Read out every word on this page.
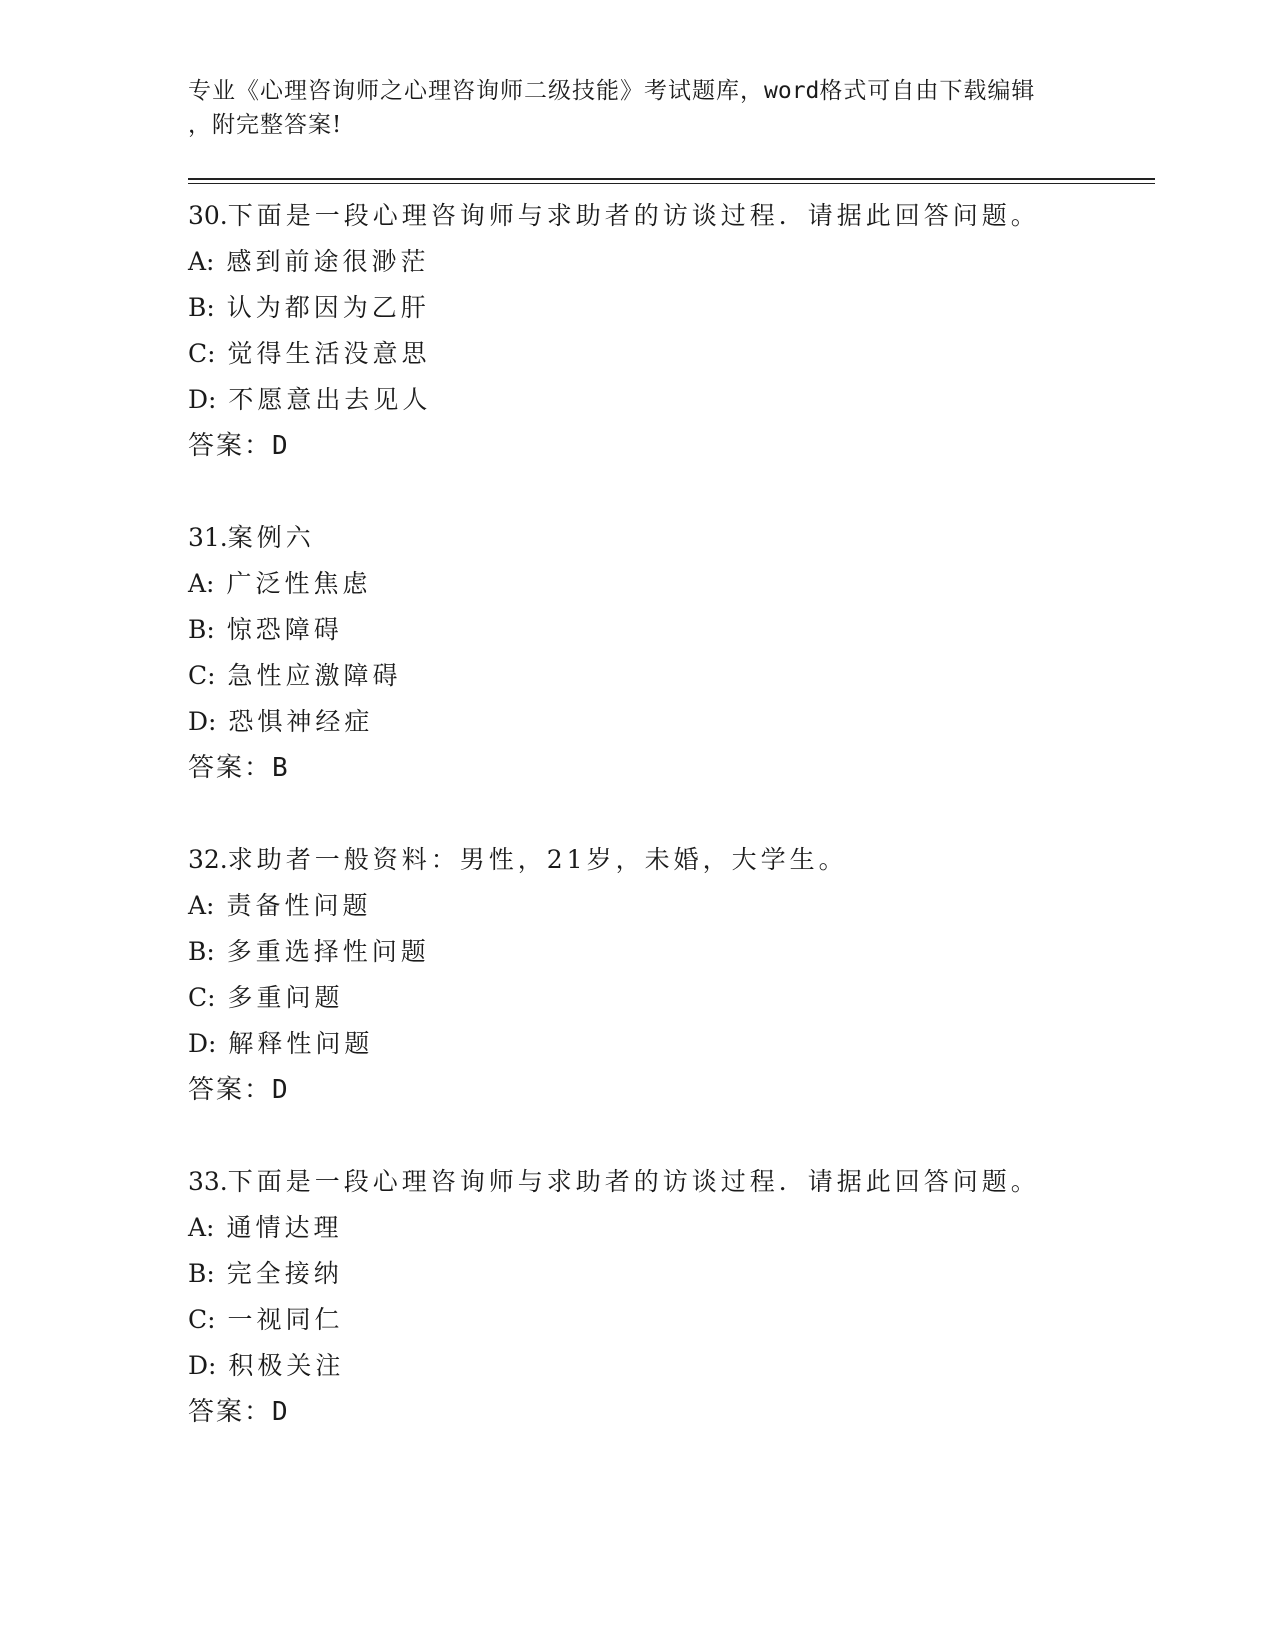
专业《心理咨询师之心理咨询师二级技能》考试题库，word格式可自由下载编辑
，附完整答案!
30.下面是一段心理咨询师与求助者的访谈过程．请据此回答问题。
A: 感到前途很渺茫
B: 认为都因为乙肝
C: 觉得生活没意思
D: 不愿意出去见人
答案：D
31.案例六
A: 广泛性焦虑
B: 惊恐障碍
C: 急性应激障碍
D: 恐惧神经症
答案：B
32.求助者一般资料：男性，21岁，未婚，大学生。
A: 责备性问题
B: 多重选择性问题
C: 多重问题
D: 解释性问题
答案：D
33.下面是一段心理咨询师与求助者的访谈过程．请据此回答问题。
A: 通情达理
B: 完全接纳
C: 一视同仁
D: 积极关注
答案：D
